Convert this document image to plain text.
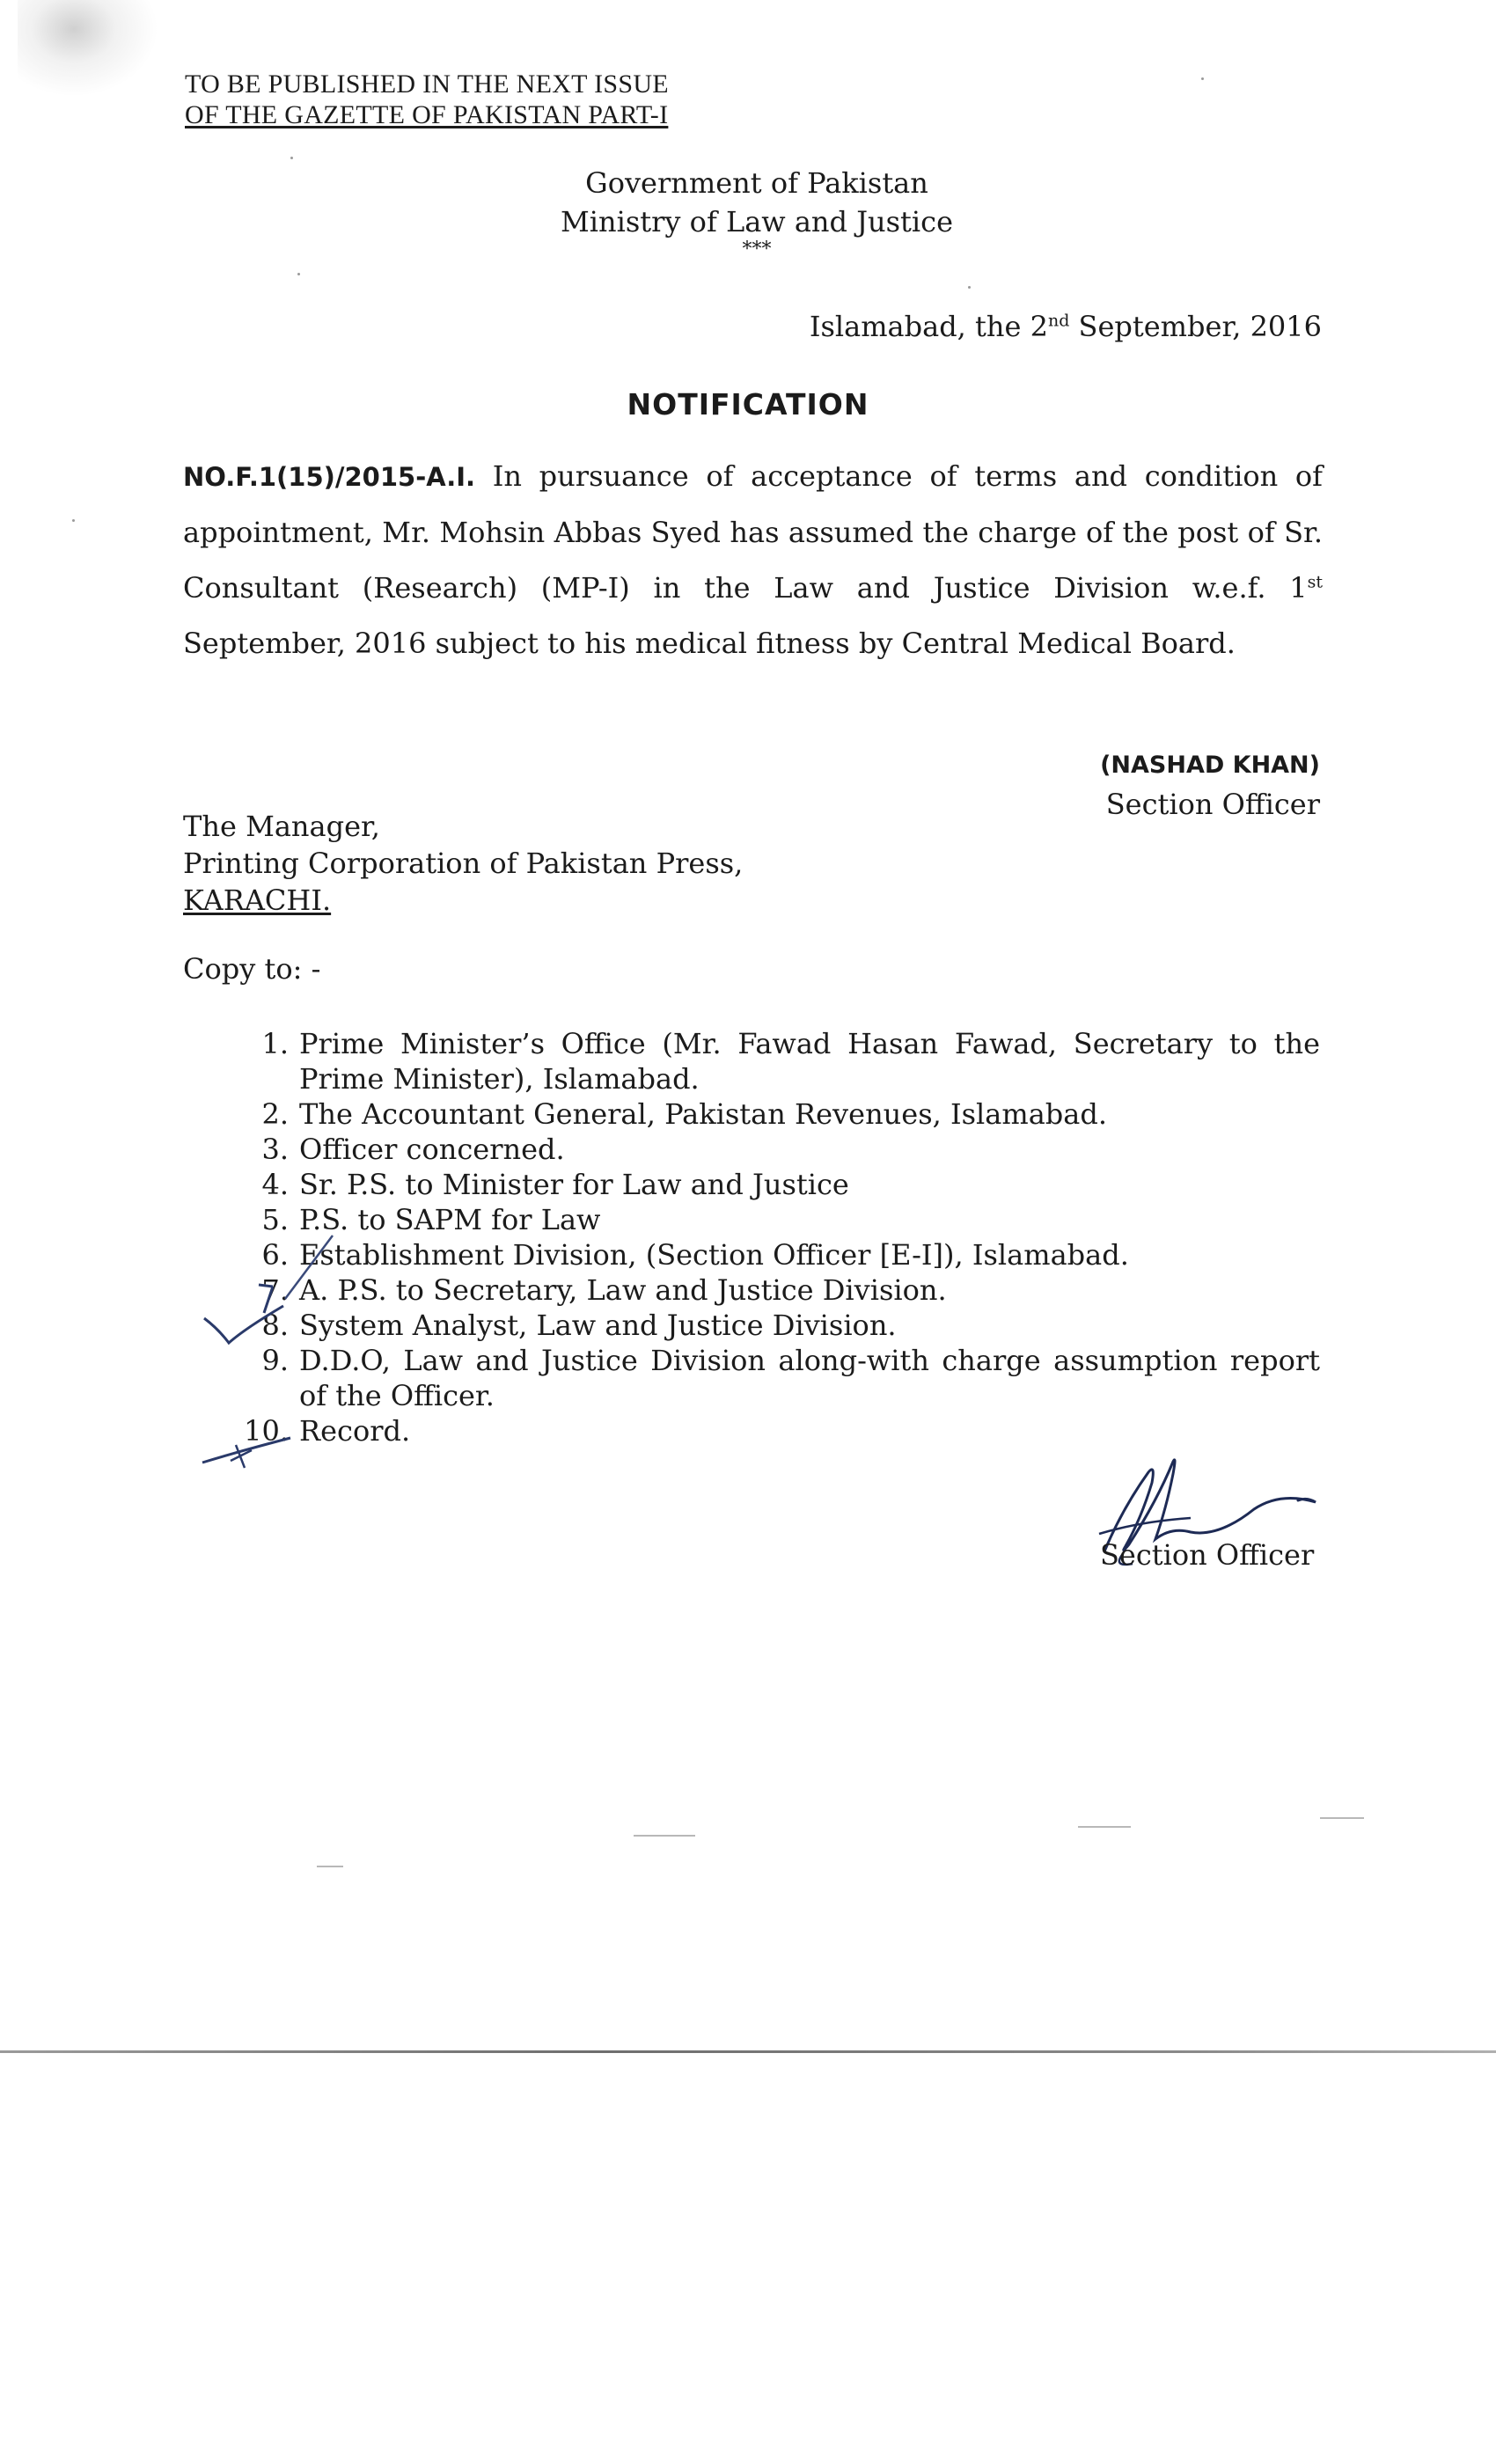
TO BE PUBLISHED IN THE NEXT ISSUE
OF THE GAZETTE OF PAKISTAN PART-I
Government of Pakistan
Ministry of Law and Justice
***
Islamabad, the 2nd September, 2016
NOTIFICATION
NO.F.1(15)/2015-A.I. In pursuance of acceptance of terms and condition of appointment, Mr. Mohsin Abbas Syed has assumed the charge of the post of Sr. Consultant (Research) (MP-I) in the Law and Justice Division w.e.f. 1st September, 2016 subject to his medical fitness by Central Medical Board.
(NASHAD KHAN)
Section Officer
The Manager,
Printing Corporation of Pakistan Press,
KARACHI.
Copy to: -
1. Prime Minister’s Office (Mr. Fawad Hasan Fawad, Secretary to the Prime Minister), Islamabad.
2. The Accountant General, Pakistan Revenues, Islamabad.
3. Officer concerned.
4. Sr. P.S. to Minister for Law and Justice
5. P.S. to SAPM for Law
6. Establishment Division, (Section Officer [E-I]), Islamabad.
7. A. P.S. to Secretary, Law and Justice Division.
8. System Analyst, Law and Justice Division.
9. D.D.O, Law and Justice Division along-with charge assumption report of the Officer.
10. Record.
Section Officer
